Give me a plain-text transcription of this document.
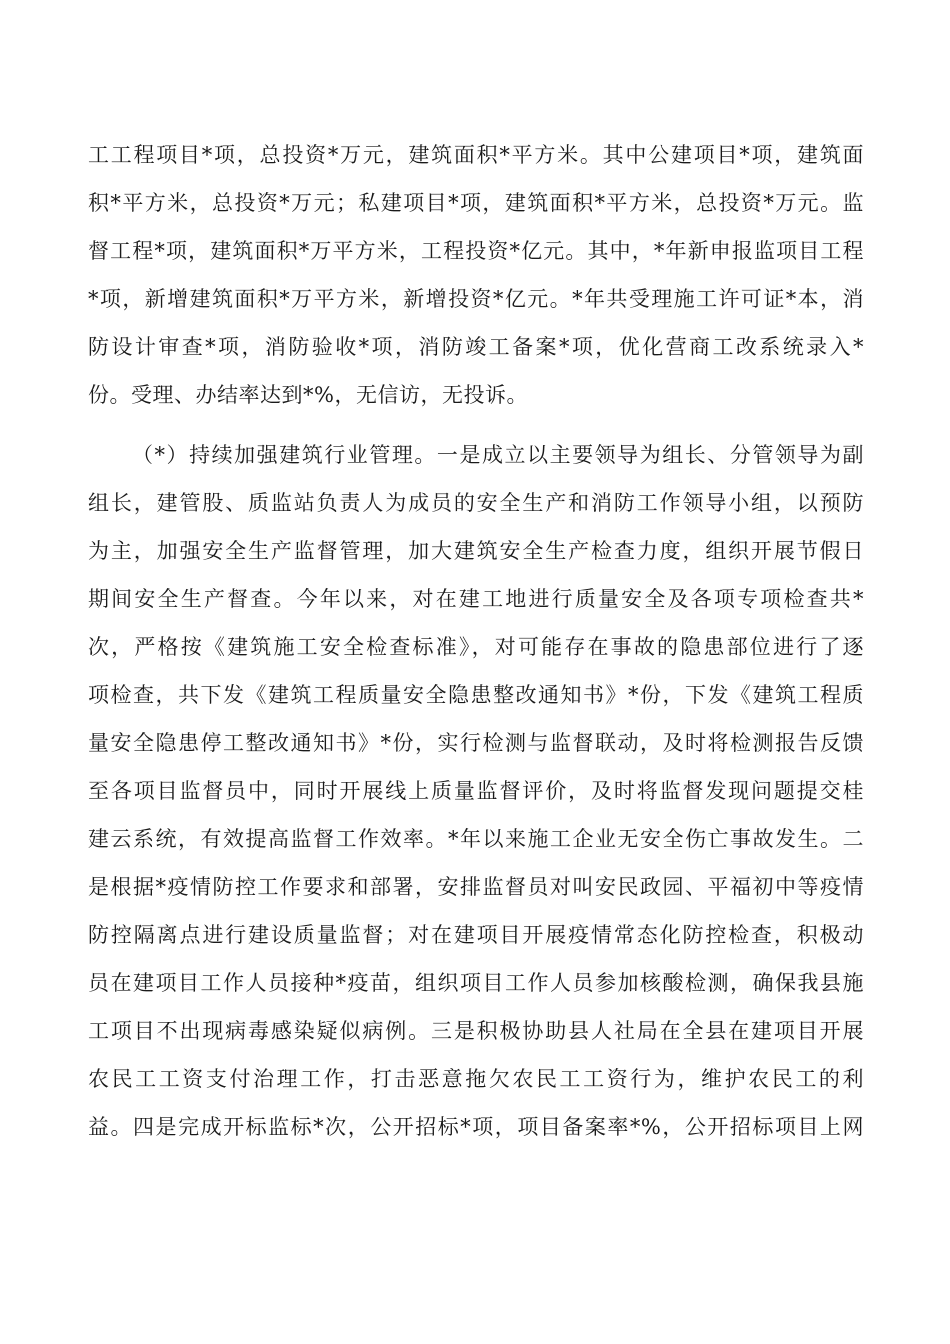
工工程项目*项，总投资*万元，建筑面积*平方米。其中公建项目*项，建筑面
积*平方米，总投资*万元；私建项目*项，建筑面积*平方米，总投资*万元。监
督工程*项，建筑面积*万平方米，工程投资*亿元。其中，*年新申报监项目工程
*项，新增建筑面积*万平方米，新增投资*亿元。*年共受理施工许可证*本，消
防设计审查*项，消防验收*项，消防竣工备案*项，优化营商工改系统录入*
份。受理、办结率达到*%，无信访，无投诉。
（*）持续加强建筑行业管理。一是成立以主要领导为组长、分管领导为副
组长，建管股、质监站负责人为成员的安全生产和消防工作领导小组，以预防
为主，加强安全生产监督管理，加大建筑安全生产检查力度，组织开展节假日
期间安全生产督查。今年以来，对在建工地进行质量安全及各项专项检查共*
次，严格按《建筑施工安全检查标准》，对可能存在事故的隐患部位进行了逐
项检查，共下发《建筑工程质量安全隐患整改通知书》*份，下发《建筑工程质
量安全隐患停工整改通知书》*份，实行检测与监督联动，及时将检测报告反馈
至各项目监督员中，同时开展线上质量监督评价，及时将监督发现问题提交桂
建云系统，有效提高监督工作效率。*年以来施工企业无安全伤亡事故发生。二
是根据*疫情防控工作要求和部署，安排监督员对叫安民政园、平福初中等疫情
防控隔离点进行建设质量监督；对在建项目开展疫情常态化防控检查，积极动
员在建项目工作人员接种*疫苗，组织项目工作人员参加核酸检测，确保我县施
工项目不出现病毒感染疑似病例。三是积极协助县人社局在全县在建项目开展
农民工工资支付治理工作，打击恶意拖欠农民工工资行为，维护农民工的利
益。四是完成开标监标*次，公开招标*项，项目备案率*%，公开招标项目上网
